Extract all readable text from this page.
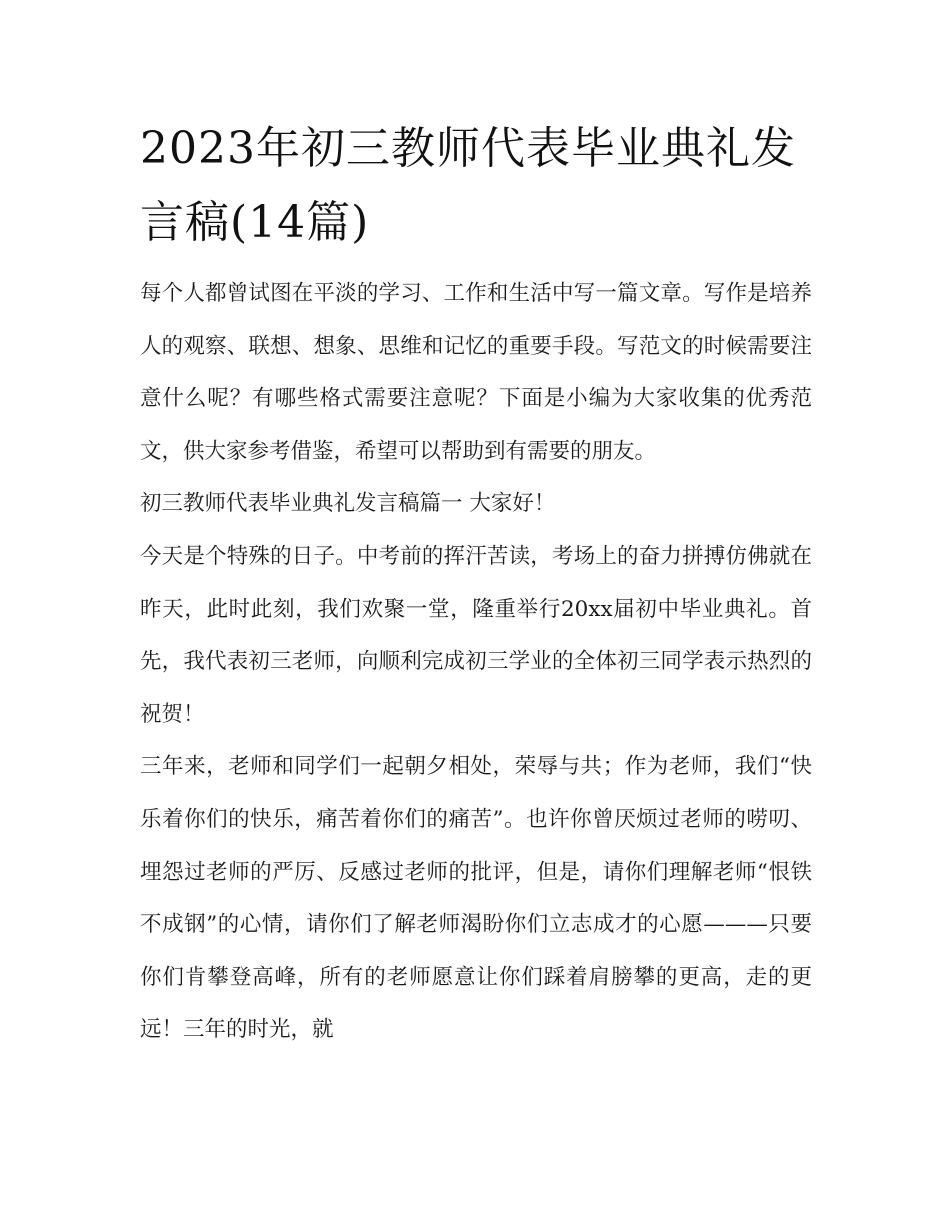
2023年初三教师代表毕业典礼发言稿(14篇)

每个人都曾试图在平淡的学习、工作和生活中写一篇文章。写作是培养人的观察、联想、想象、思维和记忆的重要手段。写范文的时候需要注意什么呢？有哪些格式需要注意呢？下面是小编为大家收集的优秀范文，供大家参考借鉴，希望可以帮助到有需要的朋友。

初三教师代表毕业典礼发言稿篇一 大家好！

今天是个特殊的日子。中考前的挥汗苦读，考场上的奋力拼搏仿佛就在昨天，此时此刻，我们欢聚一堂，隆重举行20xx届初中毕业典礼。首先，我代表初三老师，向顺利完成初三学业的全体初三同学表示热烈的祝贺！

三年来，老师和同学们一起朝夕相处，荣辱与共；作为老师，我们“快乐着你们的快乐，痛苦着你们的痛苦”。也许你曾厌烦过老师的唠叨、埋怨过老师的严厉、反感过老师的批评，但是，请你们理解老师“恨铁不成钢”的心情，请你们了解老师渴盼你们立志成才的心愿———只要你们肯攀登高峰，所有的老师愿意让你们踩着肩膀攀的更高，走的更远！三年的时光，就
